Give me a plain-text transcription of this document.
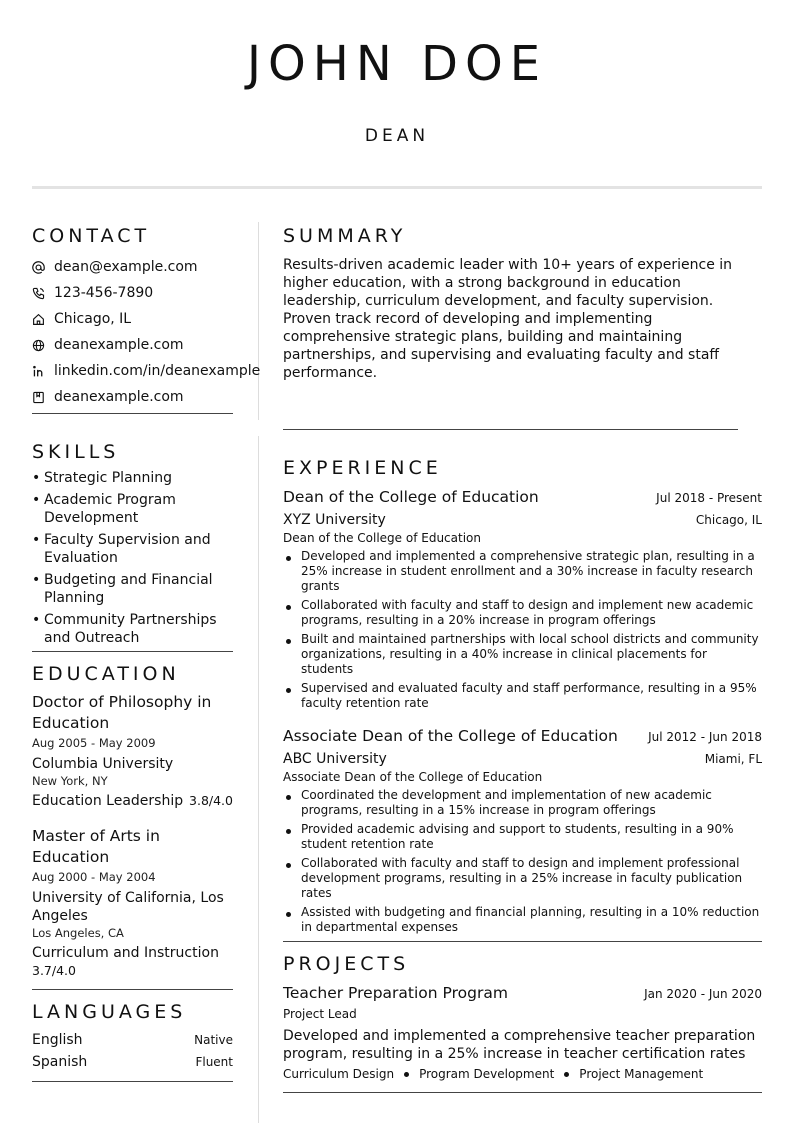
JOHN DOE
DEAN
CONTACT
dean@example.com
123-456-7890
Chicago, IL
deanexample.com
linkedin.com/in/deanexample
deanexample.com
SKILLS
• Strategic Planning
• Academic Program Development
• Faculty Supervision and Evaluation
• Budgeting and Financial Planning
• Community Partnerships and Outreach
EDUCATION
Doctor of Philosophy in Education
Aug 2005 - May 2009
Columbia University
New York, NY
Education Leadership 3.8/4.0
Master of Arts in Education
Aug 2000 - May 2004
University of California, Los Angeles
Los Angeles, CA
Curriculum and Instruction
3.7/4.0
LANGUAGES
English	Native
Spanish	Fluent
SUMMARY

Results-driven academic leader with 10+ years of experience in higher education, with a strong background in education leadership, curriculum development, and faculty supervision. Proven track record of developing and implementing comprehensive strategic plans, building and maintaining partnerships, and supervising and evaluating faculty and staff performance.

EXPERIENCE
Dean of the College of Education	Jul 2018 - Present
XYZ University	Chicago, IL
Dean of the College of Education
Developed and implemented a comprehensive strategic plan, resulting in a 25% increase in student enrollment and a 30% increase in faculty research grants
Collaborated with faculty and staff to design and implement new academic programs, resulting in a 20% increase in program offerings
Built and maintained partnerships with local school districts and community organizations, resulting in a 40% increase in clinical placements for students
Supervised and evaluated faculty and staff performance, resulting in a 95% faculty retention rate
Associate Dean of the College of Education	Jul 2012 - Jun 2018
ABC University	Miami, FL
Associate Dean of the College of Education
Coordinated the development and implementation of new academic programs, resulting in a 15% increase in program offerings
Provided academic advising and support to students, resulting in a 90% student retention rate
Collaborated with faculty and staff to design and implement professional development programs, resulting in a 25% increase in faculty publication rates
Assisted with budgeting and financial planning, resulting in a 10% reduction in departmental expenses
PROJECTS
Teacher Preparation Program	Jan 2020 - Jun 2020
Project Lead

Developed and implemented a comprehensive teacher preparation program, resulting in a 25% increase in teacher certification rates

Curriculum Design Program Development Project Management
